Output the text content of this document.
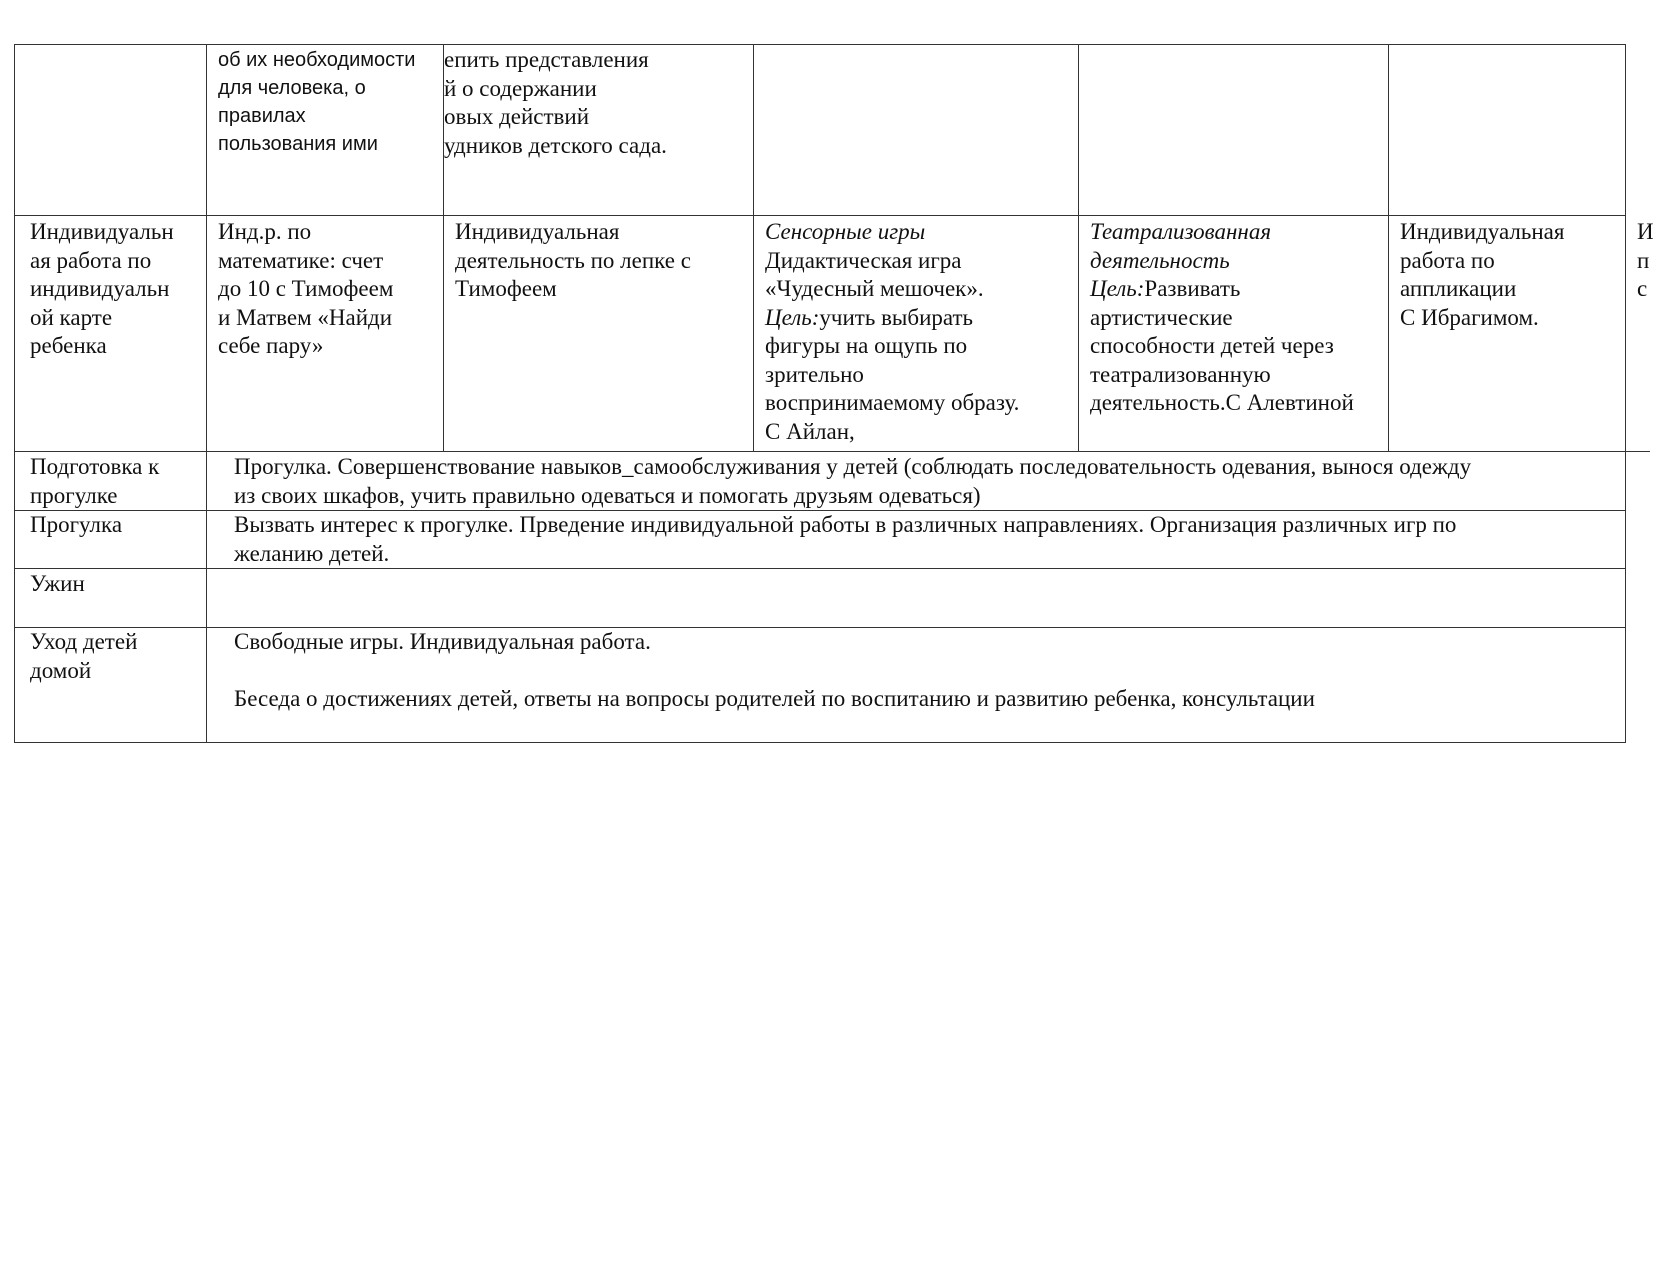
об их необходимости
для человека, о
правилах
пользования ими
епить представления
й о содержании
овых действий
удников детского сада.
Индивидуальн
ая работа по
индивидуальн
ой карте
ребенка
Инд.р. по
математике: счет
до 10 с Тимофеем
и Матвем «Найди
себе пару»
Индивидуальная
деятельность по лепке с
Тимофеем
Сенсорные игры
Дидактическая игра
«Чудесный мешочек».
Цель:учить выбирать
фигуры на ощупь по
зрительно
воспринимаемому образу.
С Айлан,
Театрализованная
деятельность
Цель:Развивать
артистические
способности детей через
театрализованную
деятельность.С Алевтиной
Индивидуальная
работа по
аппликации
С Ибрагимом.
И
п
с
Подготовка к
прогулке
Прогулка. Совершенствование навыков_самообслуживания у детей (соблюдать последовательность одевания, вынося одежду
из своих шкафов, учить правильно одеваться и помогать друзьям одеваться)
Прогулка	Вызвать интерес к прогулке. Прведение индивидуальной работы в различных направлениях. Организация различных игр по
желанию детей.
Ужин
Уход детей
домой
Свободные игры. Индивидуальная работа.

Беседа о достижениях детей, ответы на вопросы родителей по воспитанию и развитию ребенка, консультации
